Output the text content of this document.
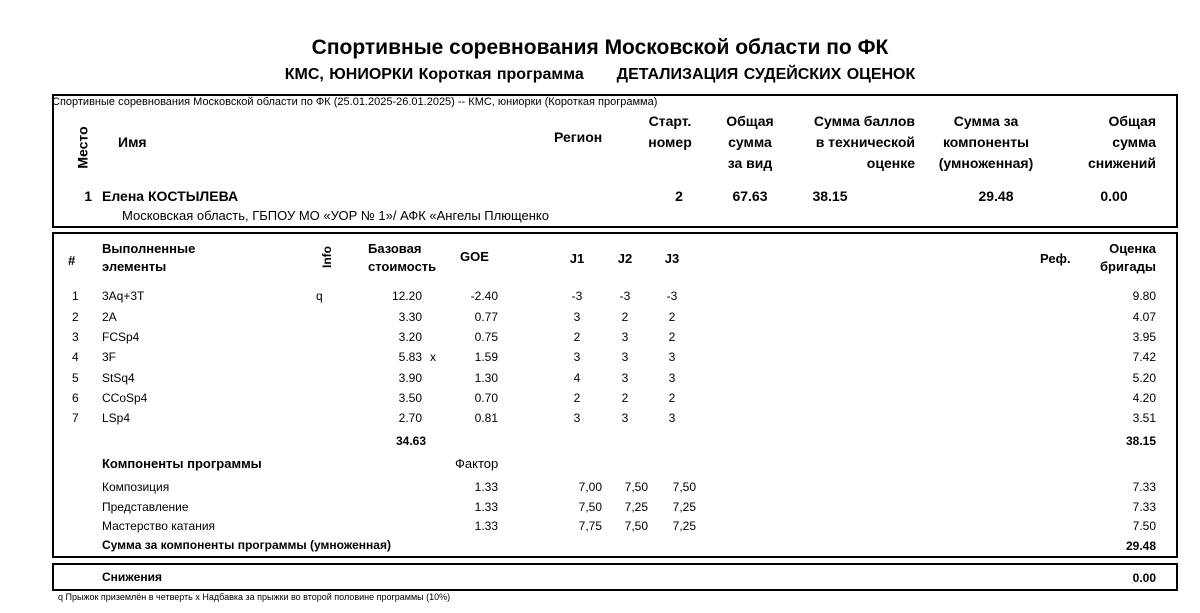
Спортивные соревнования Московской области по ФК
КМС, ЮНИОРКИ Короткая программа ДЕТАЛИЗАЦИЯ СУДЕЙСКИХ ОЦЕНОК
Спортивные соревнования Московской области по ФК (25.01.2025-26.01.2025) -- КМС, юниорки (Короткая программа)
Место Имя	Регион
Старт.
номер
Общая
сумма
за вид
Сумма баллов
в технической
оценке
Сумма за
компоненты
(умноженная)
Общая
сумма
снижений
1 Елена КОСТЫЛЕВА	2	67.63	38.15	29.48	0.00
Московская область, ГБПОУ МО «УОР № 1»/ АФК «Ангелы Плющенко
#
Выполненные
элементы	Info	Базовая
стоимость
GOE	J1	J2	J3	Реф.
Оценка
бригады
1	3Aq+3T	q	12.20	-2.40	-3	-3	-3	9.80
2	2A	3.30	0.77	3	2	2	4.07
3	FCSp4	3.20	0.75	2	3	2	3.95
4	3F	5.83 x	1.59	3	3	3	7.42
5	StSq4	3.90	1.30	4	3	3	5.20
6	CCoSp4	3.50	0.70	2	2	2	4.20
7	LSp4	2.70	0.81	3	3	3	3.51
34.63	38.15
Компоненты программы	Фактор
Композиция	1.33	7,00	7,50	7,50	7.33
Представление	1.33	7,50	7,25	7,25	7.33
Мастерство катания	1.33	7,75	7,50	7,25	7.50
Сумма за компоненты программы (умноженная)	29.48
Снижения	0.00
q Прыжок приземлён в четверть x Надбавка за прыжки во второй половине программы (10%)
